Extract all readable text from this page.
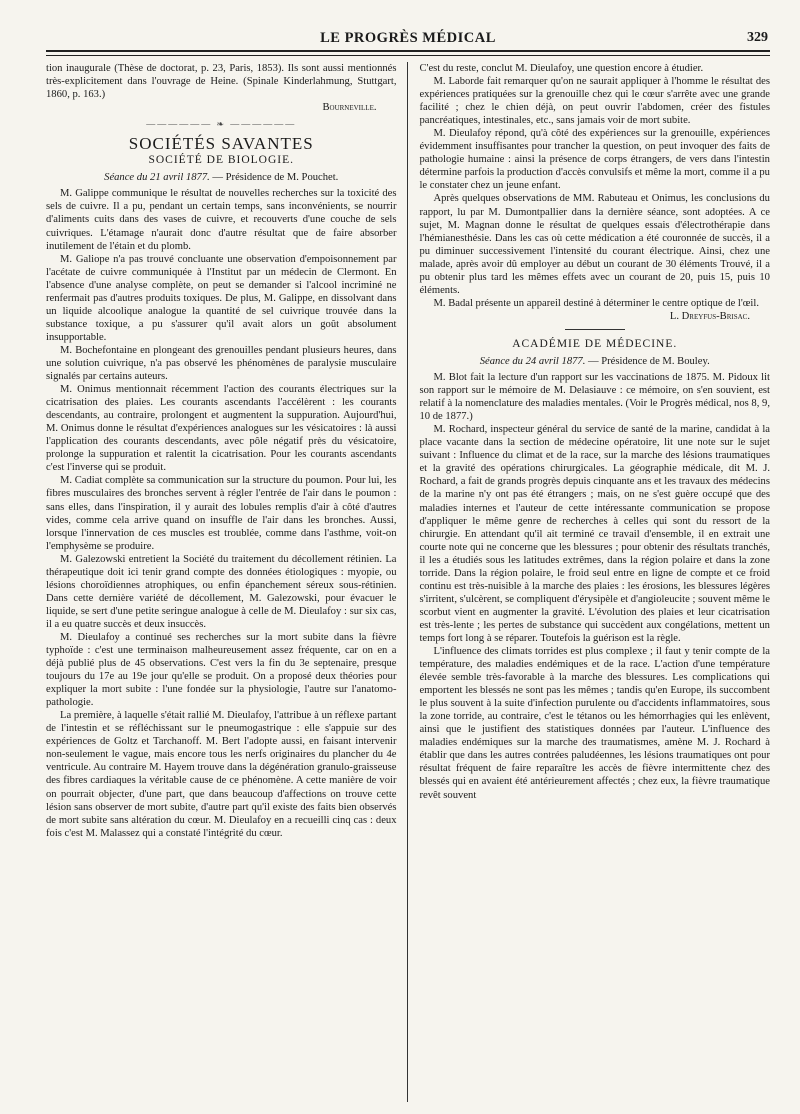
LE PROGRÈS MÉDICAL	329

tion inaugurale (Thèse de doctorat, p. 23, Paris, 1853). Ils sont aussi mentionnés très-explicitement dans l'ouvrage de Heine. (Spinale Kinderlahmung, Stuttgart, 1860, p. 163.)

Bourneville.

—————— ❧ ——————
SOCIÉTÉS SAVANTES
SOCIÉTÉ DE BIOLOGIE.
Séance du 21 avril 1877. — Présidence de M. Pouchet.

M. Galippe communique le résultat de nouvelles recherches sur la toxicité des sels de cuivre. Il a pu, pendant un certain temps, sans inconvénients, se nourrir d'aliments cuits dans des vases de cuivre, et recouverts d'une couche de sels cuivriques. L'étamage n'aurait donc d'autre résultat que de faire absorber inutilement de l'étain et du plomb.

M. Galiope n'a pas trouvé concluante une observation d'empoisonnement par l'acétate de cuivre communiquée à l'Institut par un médecin de Clermont. En l'absence d'une analyse complète, on peut se demander si l'alcool incriminé ne renfermait pas d'autres produits toxiques. De plus, M. Galippe, en dissolvant dans un liquide alcoolique analogue la quantité de sel cuivrique trouvée dans la substance toxique, a pu s'assurer qu'il avait alors un goût absolument insupportable.

M. Bochefontaine en plongeant des grenouilles pendant plusieurs heures, dans une solution cuivrique, n'a pas observé les phénomènes de paralysie musculaire signalés par certains auteurs.

M. Onimus mentionnait récemment l'action des courants électriques sur la cicatrisation des plaies. Les courants ascendants l'accélèrent : les courants descendants, au contraire, prolongent et augmentent la suppuration. Aujourd'hui, M. Onimus donne le résultat d'expériences analogues sur les vésicatoires : là aussi l'application des courants descendants, avec pôle négatif près du vésicatoire, prolonge la suppuration et ralentit la cicatrisation. Pour les courants ascendants c'est l'inverse qui se produit.

M. Cadiat complète sa communication sur la structure du poumon. Pour lui, les fibres musculaires des bronches servent à régler l'entrée de l'air dans le poumon : sans elles, dans l'inspiration, il y aurait des lobules remplis d'air à côté d'autres vides, comme cela arrive quand on insuffle de l'air dans les bronches. Aussi, lorsque l'innervation de ces muscles est troublée, comme dans l'asthme, voit-on l'emphysème se produire.

M. Galezowski entretient la Société du traitement du décollement rétinien. La thérapeutique doit ici tenir grand compte des données étiologiques : myopie, ou lésions choroïdiennes atrophiques, ou enfin épanchement séreux sous-rétinien. Dans cette dernière variété de décollement, M. Galezowski, pour évacuer le liquide, se sert d'une petite seringue analogue à celle de M. Dieulafoy : sur six cas, il a eu quatre succès et deux insuccès.

M. Dieulafoy a continué ses recherches sur la mort subite dans la fièvre typhoïde : c'est une terminaison malheureusement assez fréquente, car on en a déjà publié plus de 45 observations. C'est vers la fin du 3e septenaire, presque toujours du 17e au 19e jour qu'elle se produit. On a proposé deux théories pour expliquer la mort subite : l'une fondée sur la physiologie, l'autre sur l'anatomo-pathologie.

La première, à laquelle s'était rallié M. Dieulafoy, l'attribue à un réflexe partant de l'intestin et se réfléchissant sur le pneumogastrique : elle s'appuie sur des expériences de Goltz et Tarchanoff. M. Bert l'adopte aussi, en faisant intervenir non-seulement le vague, mais encore tous les nerfs originaires du plancher du 4e ventricule. Au contraire M. Hayem trouve dans la dégénération granulo-graisseuse des fibres cardiaques la véritable cause de ce phénomène. A cette manière de voir on pourrait objecter, d'une part, que dans beaucoup d'affections on trouve cette lésion sans observer de mort subite, d'autre part qu'il existe des faits bien observés de mort subite sans altération du cœur. M. Dieulafoy en a recueilli cinq cas : deux fois c'est M. Malassez qui a constaté l'intégrité du cœur.

C'est du reste, conclut M. Dieulafoy, une question encore à étudier.

M. Laborde fait remarquer qu'on ne saurait appliquer à l'homme le résultat des expériences pratiquées sur la grenouille chez qui le cœur s'arrête avec une grande facilité ; chez le chien déjà, on peut ouvrir l'abdomen, créer des fistules pancréatiques, intestinales, etc., sans jamais voir de mort subite.

M. Dieulafoy répond, qu'à côté des expériences sur la grenouille, expériences évidemment insuffisantes pour trancher la question, on peut invoquer des faits de pathologie humaine : ainsi la présence de corps étrangers, de vers dans l'intestin détermine parfois la production d'accès convulsifs et même la mort, comme il a pu le constater chez un jeune enfant.

Après quelques observations de MM. Rabuteau et Onimus, les conclusions du rapport, lu par M. Dumontpallier dans la dernière séance, sont adoptées. A ce sujet, M. Magnan donne le résultat de quelques essais d'électrothérapie dans l'hémianesthésie. Dans les cas où cette médication a été couronnée de succès, il a pu diminuer successivement l'intensité du courant électrique. Ainsi, chez une malade, après avoir dû employer au début un courant de 30 éléments Trouvé, il a pu obtenir plus tard les mêmes effets avec un courant de 20, puis 15, puis 10 éléments.

M. Badal présente un appareil destiné à déterminer le centre optique de l'œil.

L. Dreyfus-Brisac.

ACADÉMIE DE MÉDECINE.
Séance du 24 avril 1877. — Présidence de M. Bouley.

M. Blot fait la lecture d'un rapport sur les vaccinations de 1875. M. Pidoux lit son rapport sur le mémoire de M. Delasiauve : ce mémoire, on s'en souvient, est relatif à la nomenclature des maladies mentales. (Voir le Progrès médical, nos 8, 9, 10 de 1877.)

M. Rochard, inspecteur général du service de santé de la marine, candidat à la place vacante dans la section de médecine opératoire, lit une note sur le sujet suivant : Influence du climat et de la race, sur la marche des lésions traumatiques et la gravité des opérations chirurgicales. La géographie médicale, dit M. J. Rochard, a fait de grands progrès depuis cinquante ans et les travaux des médecins de la marine n'y ont pas été étrangers ; mais, on ne s'est guère occupé que des maladies internes et l'auteur de cette intéressante communication se propose d'appliquer le même genre de recherches à celles qui sont du ressort de la chirurgie. En attendant qu'il ait terminé ce travail d'ensemble, il en extrait une courte note qui ne concerne que les blessures ; pour obtenir des résultats tranchés, il les a étudiés sous les latitudes extrêmes, dans la région polaire et dans la zone torride. Dans la région polaire, le froid seul entre en ligne de compte et ce froid continu est très-nuisible à la marche des plaies : les érosions, les blessures légères s'irritent, s'ulcèrent, se compliquent d'érysipèle et d'angioleucite ; souvent même le scorbut vient en augmenter la gravité. L'évolution des plaies et leur cicatrisation est très-lente ; les pertes de substance qui succèdent aux congélations, mettent un temps fort long à se réparer. Toutefois la guérison est la règle.

L'influence des climats torrides est plus complexe ; il faut y tenir compte de la température, des maladies endémiques et de la race. L'action d'une température élevée semble très-favorable à la marche des blessures. Les complications qui emportent les blessés ne sont pas les mêmes ; tandis qu'en Europe, ils succombent le plus souvent à la suite d'infection purulente ou d'accidents inflammatoires, sous la zone torride, au contraire, c'est le tétanos ou les hémorrhagies qui les enlèvent, ainsi que le justifient des statistiques données par l'auteur. L'influence des maladies endémiques sur la marche des traumatismes, amène M. J. Rochard à établir que dans les autres contrées paludéennes, les lésions traumatiques ont pour résultat fréquent de faire reparaître les accès de fièvre intermittente chez des blessés qui en avaient été antérieurement affectés ; chez eux, la fièvre traumatique revêt souvent
